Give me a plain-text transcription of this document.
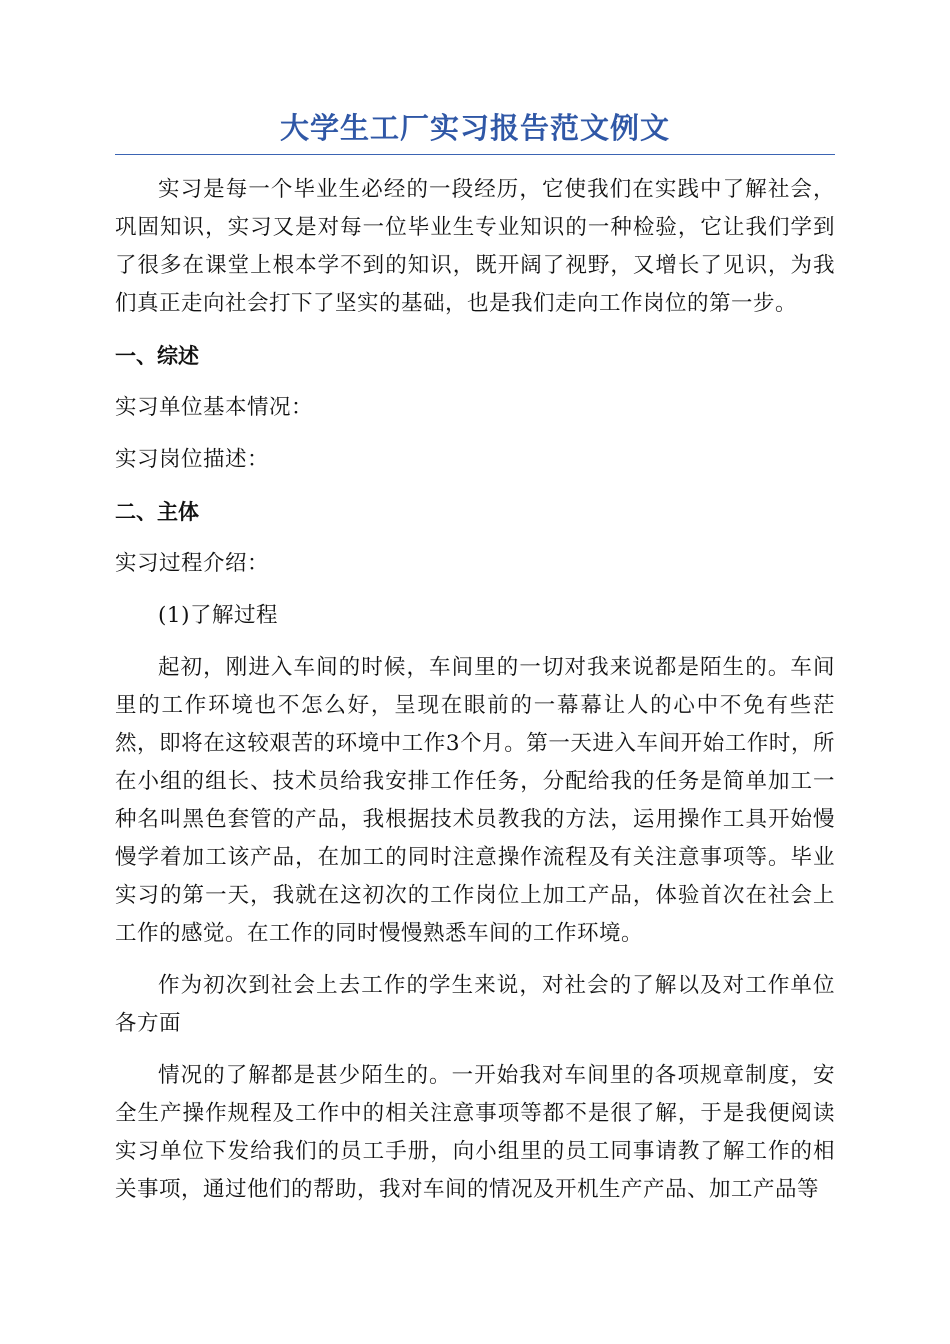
大学生工厂实习报告范文例文

实习是每一个毕业生必经的一段经历，它使我们在实践中了解社会，巩固知识，实习又是对每一位毕业生专业知识的一种检验，它让我们学到了很多在课堂上根本学不到的知识，既开阔了视野，又增长了见识，为我们真正走向社会打下了坚实的基础，也是我们走向工作岗位的第一步。

一、综述

实习单位基本情况：

实习岗位描述：

二、主体

实习过程介绍：

(1)了解过程

起初，刚进入车间的时候，车间里的一切对我来说都是陌生的。车间里的工作环境也不怎么好，呈现在眼前的一幕幕让人的心中不免有些茫然，即将在这较艰苦的环境中工作3个月。第一天进入车间开始工作时，所在小组的组长、技术员给我安排工作任务，分配给我的任务是简单加工一种名叫黑色套管的产品，我根据技术员教我的方法，运用操作工具开始慢慢学着加工该产品，在加工的同时注意操作流程及有关注意事项等。毕业实习的第一天，我就在这初次的工作岗位上加工产品，体验首次在社会上工作的感觉。在工作的同时慢慢熟悉车间的工作环境。

作为初次到社会上去工作的学生来说，对社会的了解以及对工作单位各方面

情况的了解都是甚少陌生的。一开始我对车间里的各项规章制度，安全生产操作规程及工作中的相关注意事项等都不是很了解，于是我便阅读实习单位下发给我们的员工手册，向小组里的员工同事请教了解工作的相关事项，通过他们的帮助，我对车间的情况及开机生产产品、加工产品等
